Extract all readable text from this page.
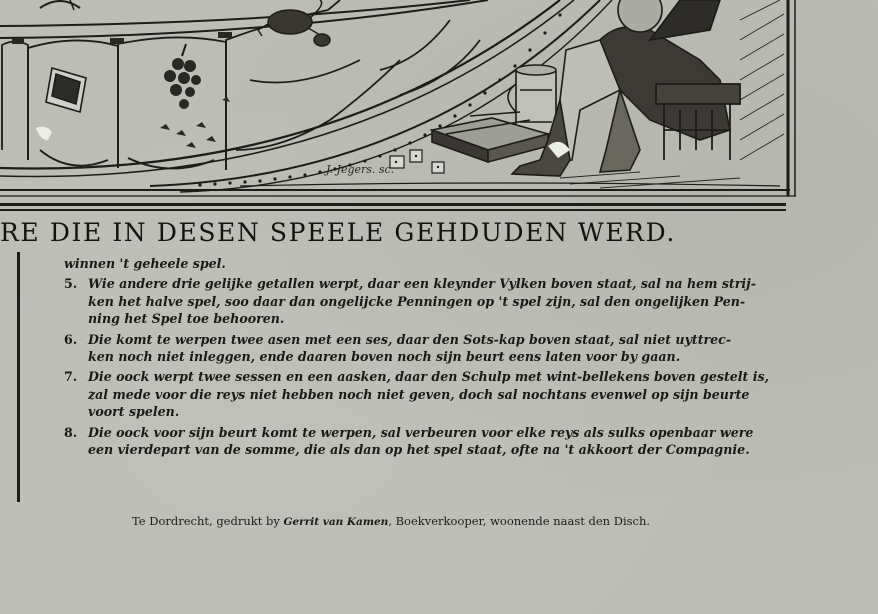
J. Jegers. sc.
RE DIE IN DESEN SPEELE GEHDUDEN WERD.
winnen 't geheele spel.
5. Wie andere drie gelijke getallen werpt, daar een kleynder Vylken boven staat, sal na hem strij-
ken het halve spel, soo daar dan ongelijcke Penningen op 't spel zijn, sal den ongelijken Pen-
ning het Spel toe behooren.
6. Die komt te werpen twee asen met een ses, daar den Sots-kap boven staat, sal niet uyttrec-
ken noch niet inleggen, ende daaren boven noch sijn beurt eens laten voor by gaan.
7. Die oock werpt twee sessen en een aasken, daar den Schulp met wint-bellekens boven gestelt is,
zal mede voor die reys niet hebben noch niet geven, doch sal nochtans evenwel op sijn beurte
voort spelen.
8. Die oock voor sijn beurt komt te werpen, sal verbeuren voor elke reys als sulks openbaar were
een vierdepart van de somme, die als dan op het spel staat, ofte na 't akkoort der Compagnie.
Te Dordrecht, gedrukt by Gerrit van Kamen, Boekverkooper, woonende naast den Disch.
